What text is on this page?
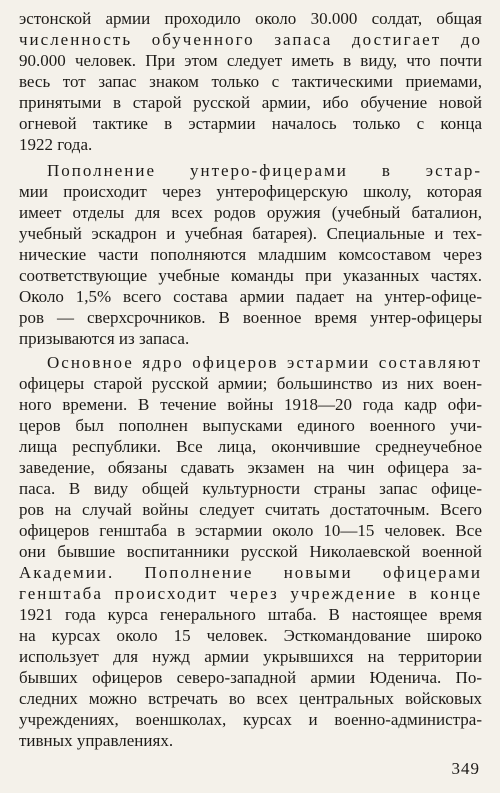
эстонской армии проходило около 30.000 солдат, общая
численность обученного запаса достигает до
90.000 человек. При этом следует иметь в виду, что почти
весь тот запас знаком только с тактическими приемами,
принятыми в старой русской армии, ибо обучение новой
огневой тактике в эстармии началось только с конца
1922 года.
Пополнение унтеро-фицерами в эстар-
мии происходит через унтерофицерскую школу, которая
имеет отделы для всех родов оружия (учебный баталион,
учебный эскадрон и учебная батарея). Специальные и тех-
нические части пополняются младшим комсоставом через
соответствующие учебные команды при указанных частях.
Около 1,5% всего состава армии падает на унтер-офице-
ров — сверхсрочников. В военное время унтер-офицеры
призываются из запаса.
Основное ядро офицеров эстармии составляют
офицеры старой русской армии; большинство из них воен-
ного времени. В течение войны 1918—20 года кадр офи-
церов был пополнен выпусками единого военного учи-
лища республики. Все лица, окончившие среднеучебное
заведение, обязаны сдавать экзамен на чин офицера за-
паса. В виду общей культурности страны запас офице-
ров на случай войны следует считать достаточным. Всего
офицеров генштаба в эстармии около 10—15 человек. Все
они бывшие воспитанники русской Николаевской военной
Академии. Пополнение новыми офицерами
генштаба происходит через учреждение в конце
1921 года курса генерального штаба. В настоящее время
на курсах около 15 человек. Эсткомандование широко
использует для нужд армии укрывшихся на территории
бывших офицеров северо-западной армии Юденича. По-
следних можно встречать во всех центральных войсковых
учреждениях, военшколах, курсах и военно-администра-
тивных управлениях.
349
